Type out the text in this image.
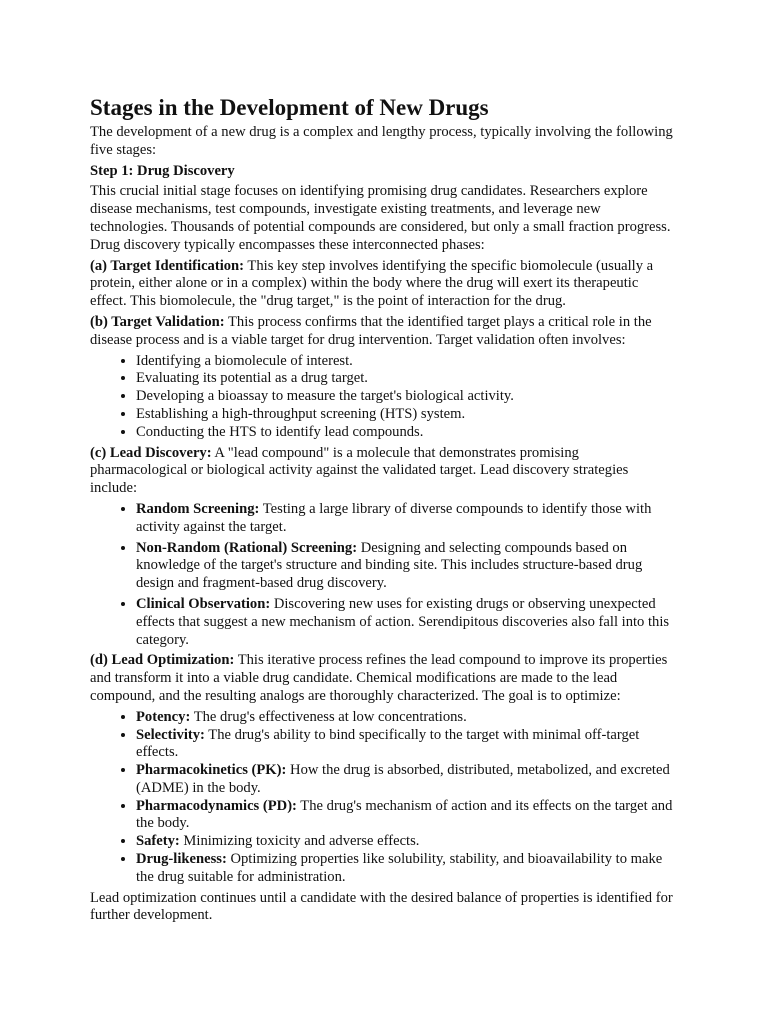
Stages in the Development of New Drugs

The development of a new drug is a complex and lengthy process, typically involving the following five stages:

Step 1: Drug Discovery

This crucial initial stage focuses on identifying promising drug candidates. Researchers explore disease mechanisms, test compounds, investigate existing treatments, and leverage new technologies. Thousands of potential compounds are considered, but only a small fraction progress. Drug discovery typically encompasses these interconnected phases:

(a) Target Identification: This key step involves identifying the specific biomolecule (usually a protein, either alone or in a complex) within the body where the drug will exert its therapeutic effect. This biomolecule, the "drug target," is the point of interaction for the drug.

(b) Target Validation: This process confirms that the identified target plays a critical role in the disease process and is a viable target for drug intervention. Target validation often involves:

• Identifying a biomolecule of interest.
• Evaluating its potential as a drug target.
• Developing a bioassay to measure the target's biological activity.
• Establishing a high-throughput screening (HTS) system.
• Conducting the HTS to identify lead compounds.

(c) Lead Discovery: A "lead compound" is a molecule that demonstrates promising pharmacological or biological activity against the validated target. Lead discovery strategies include:

• Random Screening: Testing a large library of diverse compounds to identify those with activity against the target.
• Non-Random (Rational) Screening: Designing and selecting compounds based on knowledge of the target's structure and binding site. This includes structure-based drug design and fragment-based drug discovery.
• Clinical Observation: Discovering new uses for existing drugs or observing unexpected effects that suggest a new mechanism of action. Serendipitous discoveries also fall into this category.

(d) Lead Optimization: This iterative process refines the lead compound to improve its properties and transform it into a viable drug candidate. Chemical modifications are made to the lead compound, and the resulting analogs are thoroughly characterized. The goal is to optimize:

• Potency: The drug's effectiveness at low concentrations.
• Selectivity: The drug's ability to bind specifically to the target with minimal off-target effects.
• Pharmacokinetics (PK): How the drug is absorbed, distributed, metabolized, and excreted (ADME) in the body.
• Pharmacodynamics (PD): The drug's mechanism of action and its effects on the target and the body.
• Safety: Minimizing toxicity and adverse effects.
• Drug-likeness: Optimizing properties like solubility, stability, and bioavailability to make the drug suitable for administration.

Lead optimization continues until a candidate with the desired balance of properties is identified for further development.
